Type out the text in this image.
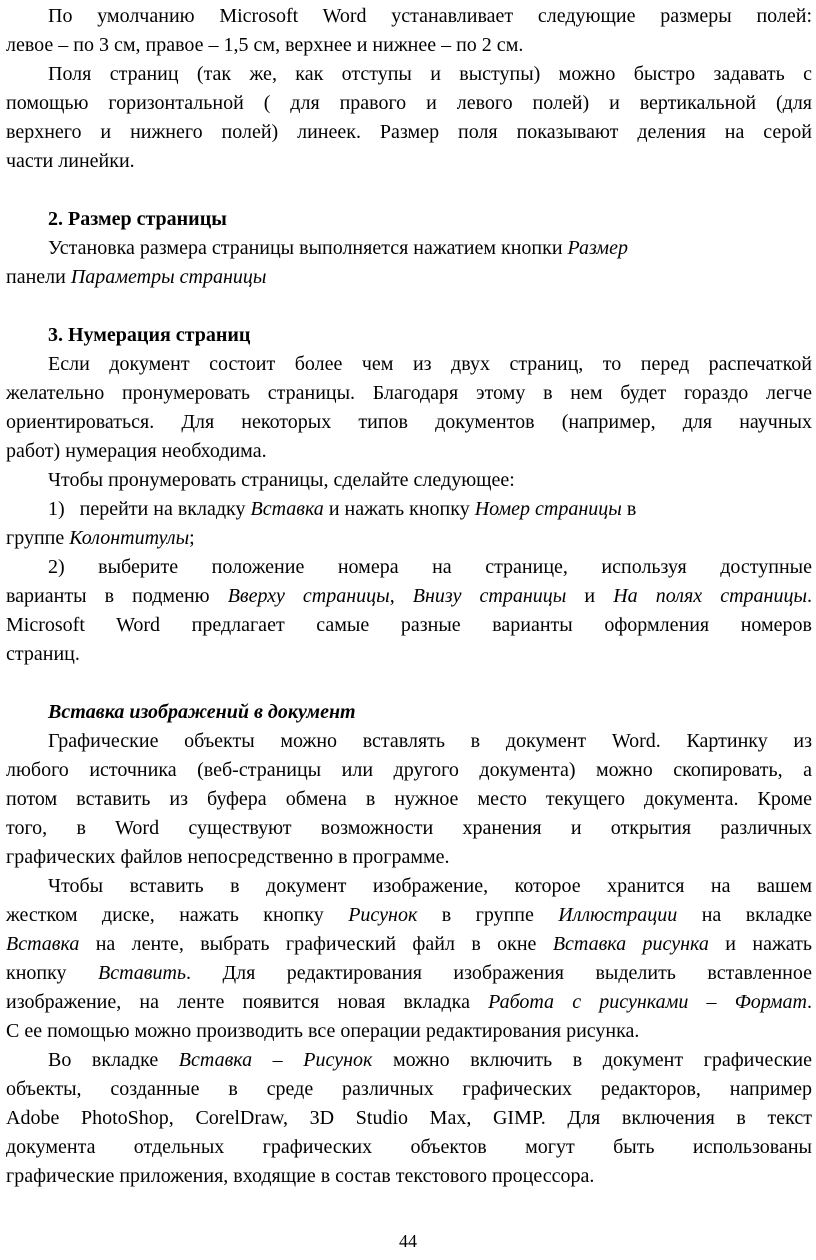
По умолчанию Microsoft Word устанавливает следующие размеры полей:
левое – по 3 см, правое – 1,5 см, верхнее и нижнее – по 2 см.

Поля страниц (так же, как отступы и выступы) можно быстро задавать с
помощью горизонтальной ( для правого и левого полей) и вертикальной (для
верхнего и нижнего полей) линеек. Размер поля показывают деления на серой
части линейки.

2. Размер страницы

Установка размера страницы выполняется нажатием кнопки Размер
панели Параметры страницы

3. Нумерация страниц

Если документ состоит более чем из двух страниц, то перед распечаткой
желательно пронумеровать страницы. Благодаря этому в нем будет гораздо легче
ориентироваться. Для некоторых типов документов (например, для научных
работ) нумерация необходима.

Чтобы пронумеровать страницы, сделайте следующее:

1)  перейти на вкладку Вставка и нажать кнопку Номер страницы в
группе Колонтитулы;

2) выберите положение номера на странице, используя доступные
варианты в подменю Вверху страницы, Внизу страницы и На полях страницы.
Microsoft Word предлагает самые разные варианты оформления номеров
страниц.

Вставка изображений в документ

Графические объекты можно вставлять в документ Word. Картинку из
любого источника (веб-страницы или другого документа) можно скопировать, а
потом вставить из буфера обмена в нужное место текущего документа. Кроме
того, в Word существуют возможности хранения и открытия различных
графических файлов непосредственно в программе.

Чтобы вставить в документ изображение, которое хранится на вашем
жестком диске, нажать кнопку Рисунок в группе Иллюстрации на вкладке
Вставка на ленте, выбрать графический файл в окне Вставка рисунка и нажать
кнопку Вставить. Для редактирования изображения выделить вставленное
изображение, на ленте появится новая вкладка Работа с рисунками – Формат.
С ее помощью можно производить все операции редактирования рисунка.

Во вкладке Вставка – Рисунок можно включить в документ графические
объекты, созданные в среде различных графических редакторов, например
Adobe PhotoShop, CorelDraw, 3D Studio Max, GIMP. Для включения в текст
документа отдельных графических объектов могут быть использованы
графические приложения, входящие в состав текстового процессора.

44
